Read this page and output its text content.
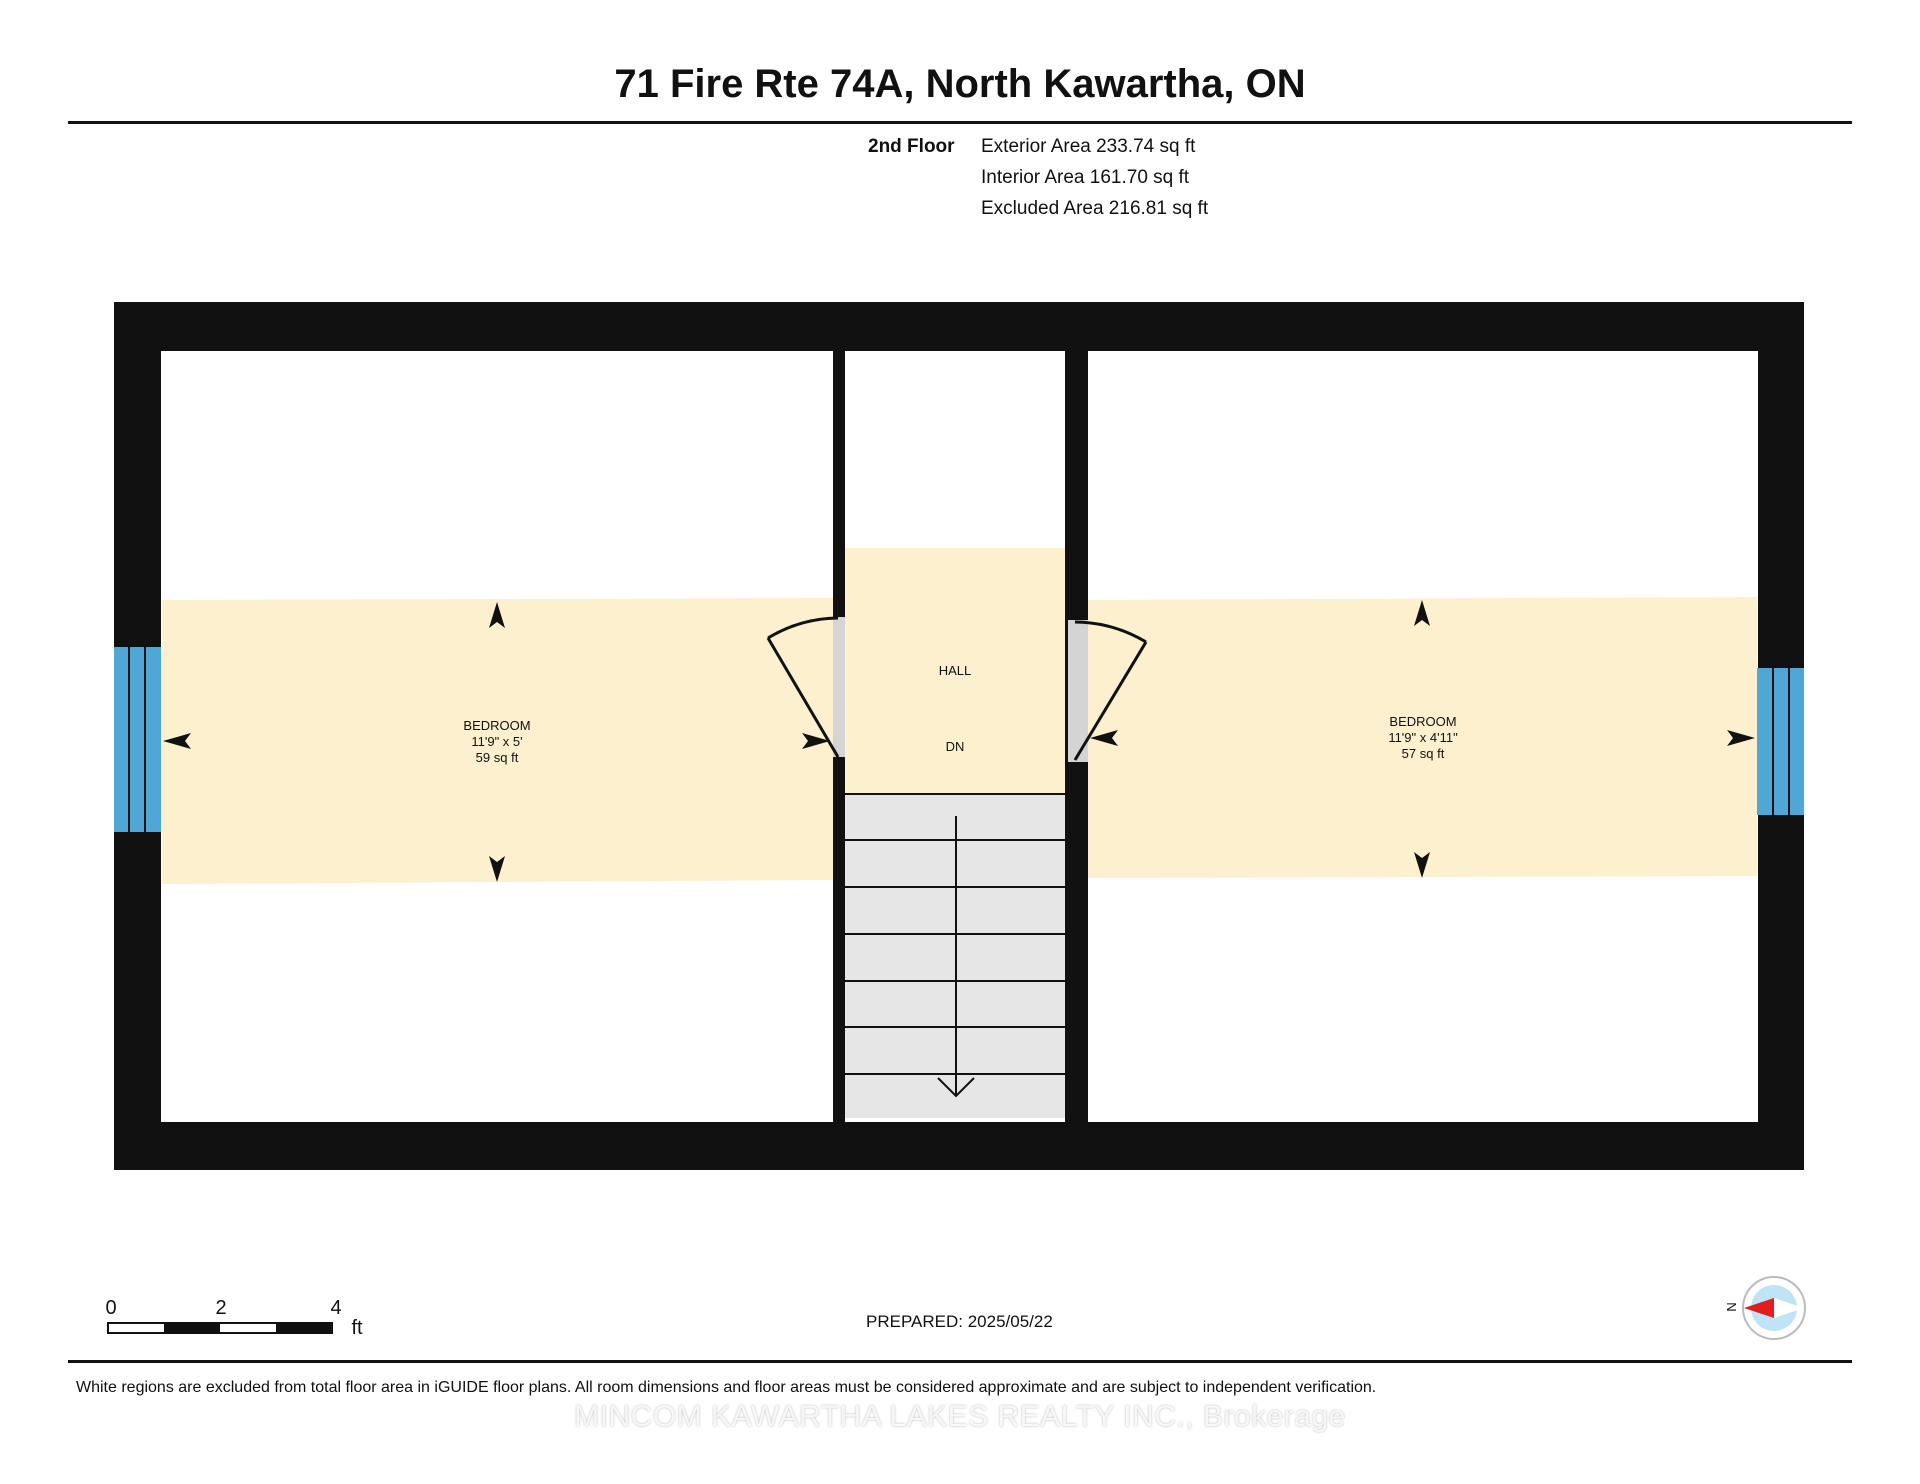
71 Fire Rte 74A, North Kawartha, ON
2nd Floor Exterior Area 233.74 sq ft
Interior Area 161.70 sq ft
Excluded Area 216.81 sq ft
BEDROOM
11'9" x 5'
59 sq ft
BEDROOM
11'9" x 4'11"
57 sq ft
HALL
DN
0	2	4
ft
N
PREPARED: 2025/05/22
White regions are excluded from total floor area in iGUIDE floor plans. All room dimensions and floor areas must be considered approximate and are subject to independent verification.
MINCOM KAWARTHA LAKES REALTY INC., Brokerage
